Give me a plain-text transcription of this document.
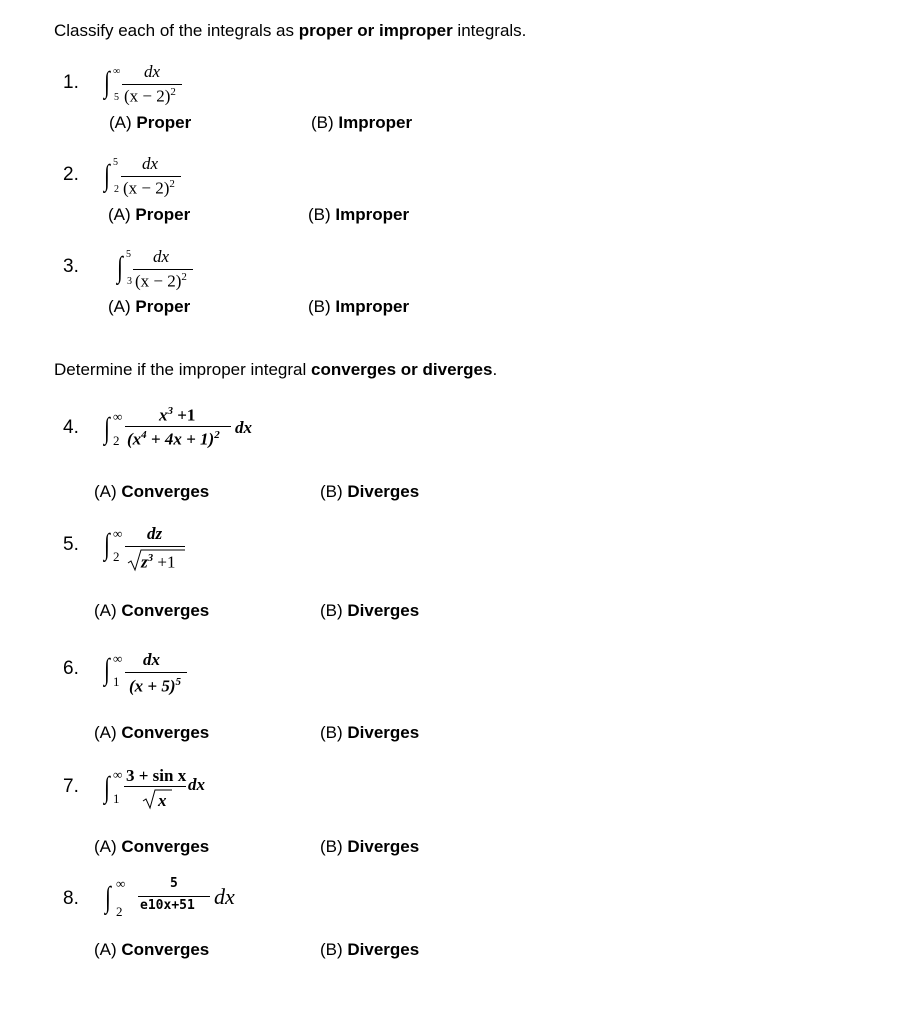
Classify each of the integrals as proper or improper integrals.
1. ∫ ∞
5
dx
$(x - 2)^2$
(A) Proper	(B) Improper
2. ∫ 5
2
dx
$(x - 2)^2$
(A) Proper	(B) Improper
3. ∫ 5
3
dx
$(x - 2)^2$
(A) Proper	(B) Improper
Determine if the improper integral converges or diverges.
4. ∫ ∞
2
$x^3 +1$
$(x^4 + 4x + 1)^2$ dx
(A) Converges	(B) Diverges
5. ∫ ∞
2
dz
$z^3 +1$
(A) Converges	(B) Diverges
6. ∫ ∞
1
dx
$(x + 5)^5$
(A) Converges	(B) Diverges
7. ∫ ∞
1
3 + sin x
x
dx
(A) Converges	(B) Diverges
8. ∫ ∞
2
5
e10x+51 dx
(A) Converges	(B) Diverges
